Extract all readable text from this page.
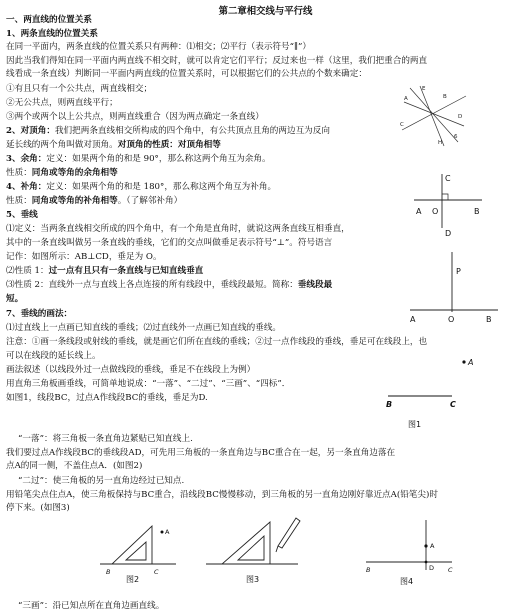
第二章相交线与平行线
一、两直线的位置关系
1、两条直线的位置关系
在同一平面内，两条直线的位置关系只有两种：⑴相交；⑵平行（表示符号“∥”）
因此当我们得知在同一平面内两直线不相交时，就可以肯定它们平行；反过来也一样（这里，我们把重合的两直
线看成一条直线）判断同一平面内两直线的位置关系时，可以根据它们的公共点的个数来确定：
①有且只有一个公共点，两直线相交；
②无公共点，则两直线平行；
③两个或两个以上公共点，则两直线重合（因为两点确定一条直线）
2、对顶角：我们把两条直线相交所构成的四个角中，有公共顶点且角的两边互为反向
延长线的两个角叫做对顶角。对顶角的性质：对顶角相等
3、余角：定义：如果两个角的和是 90°，那么称这两个角互为余角。
性质：同角或等角的余角相等
4、补角：定义：如果两个角的和是 180°，那么称这两个角互为补角。
性质：同角或等角的补角相等。（了解邻补角）
5、垂线
⑴定义：当两条直线相交所成的四个角中，有一个角是直角时，就说这两条直线互相垂直，
其中的一条直线叫做另一条直线的垂线，它们的交点叫做垂足表示符号“⊥”。符号语言
记作：如图所示：AB⊥CD，垂足为 O。
⑵性质 1：过一点有且只有一条直线与已知直线垂直
⑶性质 2：直线外一点与直线上各点连接的所有线段中，垂线段最短。简称：垂线段最
短。
7、垂线的画法：
⑴过直线上一点画已知直线的垂线；⑵过直线外一点画已知直线的垂线。
注意：①画一条线段或射线的垂线，就是画它们所在直线的垂线；②过一点作线段的垂线，垂足可在线段上，也
可以在线段的延长线上。
画法叙述（以线段外过一点做线段的垂线，垂足不在线段上为例）
用直角三角板画垂线，可简单地说成：“一落”、“二过”、“三画”、“四标”．
如图1，线段BC，过点A作线段BC的垂线，垂足为D.
“一落”：将三角板一条直角边紧贴已知直线上.
我们要过点A作线段BC的垂线段AD，可先用三角板的一条直角边与BC重合在一起，另一条直角边落在
点A的同一侧，不盖住点A．(如图2)
“二过”：使三角板的另一直角边经过已知点.
用铅笔尖点住点A，使三角板保持与BC重合，沿线段BC慢慢移动，到三角板的另一直角边刚好靠近点A(铅笔尖)时
停下来。(如图3)
“三画”：沿已知点所在直角边画直线。
E
B
A
D
C
H
6
C
A O	B
D
P
A	O	B
A
B	C
图1
A
B	C
图2	图3
A
D
B	C
图4
